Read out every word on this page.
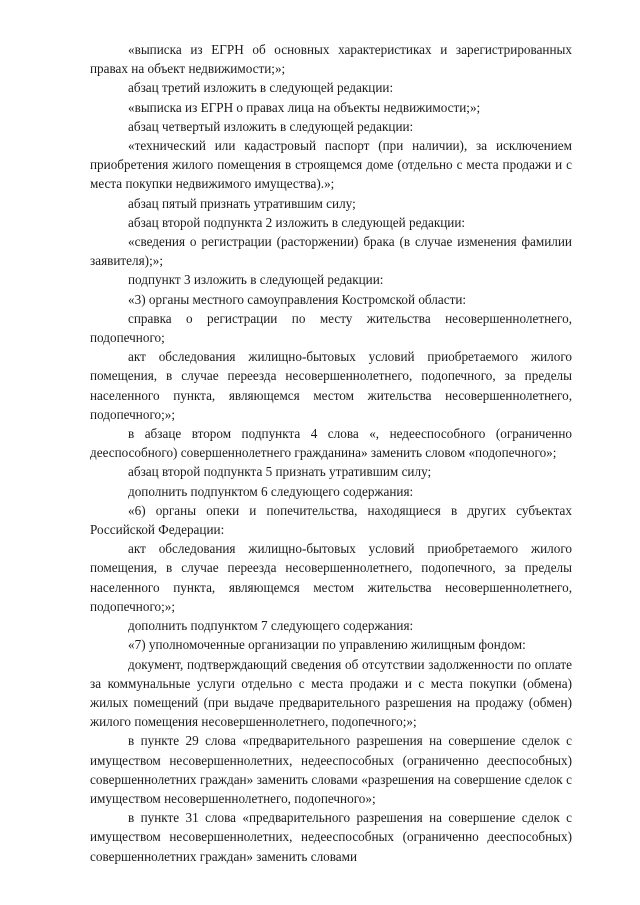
«выписка из ЕГРН об основных характеристиках и зарегистрированных правах на объект недвижимости;»;

абзац третий изложить в следующей редакции:

«выписка из ЕГРН о правах лица на объекты недвижимости;»;

абзац четвертый изложить в следующей редакции:

«технический или кадастровый паспорт (при наличии), за исключением приобретения жилого помещения в строящемся доме (отдельно с места продажи и с места покупки недвижимого имущества).»;

абзац пятый признать утратившим силу;

абзац второй подпункта 2 изложить в следующей редакции:

«сведения о регистрации (расторжении) брака (в случае изменения фамилии заявителя);»;

подпункт 3 изложить в следующей редакции:

«3) органы местного самоуправления Костромской области:

справка о регистрации по месту жительства несовершеннолетнего, подопечного;

акт обследования жилищно-бытовых условий приобретаемого жилого помещения, в случае переезда несовершеннолетнего, подопечного, за пределы населенного пункта, являющемся местом жительства несовершеннолетнего, подопечного;»;

в абзаце втором подпункта 4 слова «, недееспособного (ограниченно дееспособного) совершеннолетнего гражданина» заменить словом «подопечного»;

абзац второй подпункта 5 признать утратившим силу;

дополнить подпунктом 6 следующего содержания:

«6) органы опеки и попечительства, находящиеся в других субъектах Российской Федерации:

акт обследования жилищно-бытовых условий приобретаемого жилого помещения, в случае переезда несовершеннолетнего, подопечного, за пределы населенного пункта, являющемся местом жительства несовершеннолетнего, подопечного;»;

дополнить подпунктом 7 следующего содержания:

«7) уполномоченные организации по управлению жилищным фондом:

документ, подтверждающий сведения об отсутствии задолженности по оплате за коммунальные услуги отдельно с места продажи и с места покупки (обмена) жилых помещений (при выдаче предварительного разрешения на продажу (обмен) жилого помещения несовершеннолетнего, подопечного;»;

в пункте 29 слова «предварительного разрешения на совершение сделок с имуществом несовершеннолетних, недееспособных (ограниченно дееспособных) совершеннолетних граждан» заменить словами «разрешения на совершение сделок с имуществом несовершеннолетнего, подопечного»;

в пункте 31 слова «предварительного разрешения на совершение сделок с имуществом несовершеннолетних, недееспособных (ограниченно дееспособных) совершеннолетних граждан» заменить словами
